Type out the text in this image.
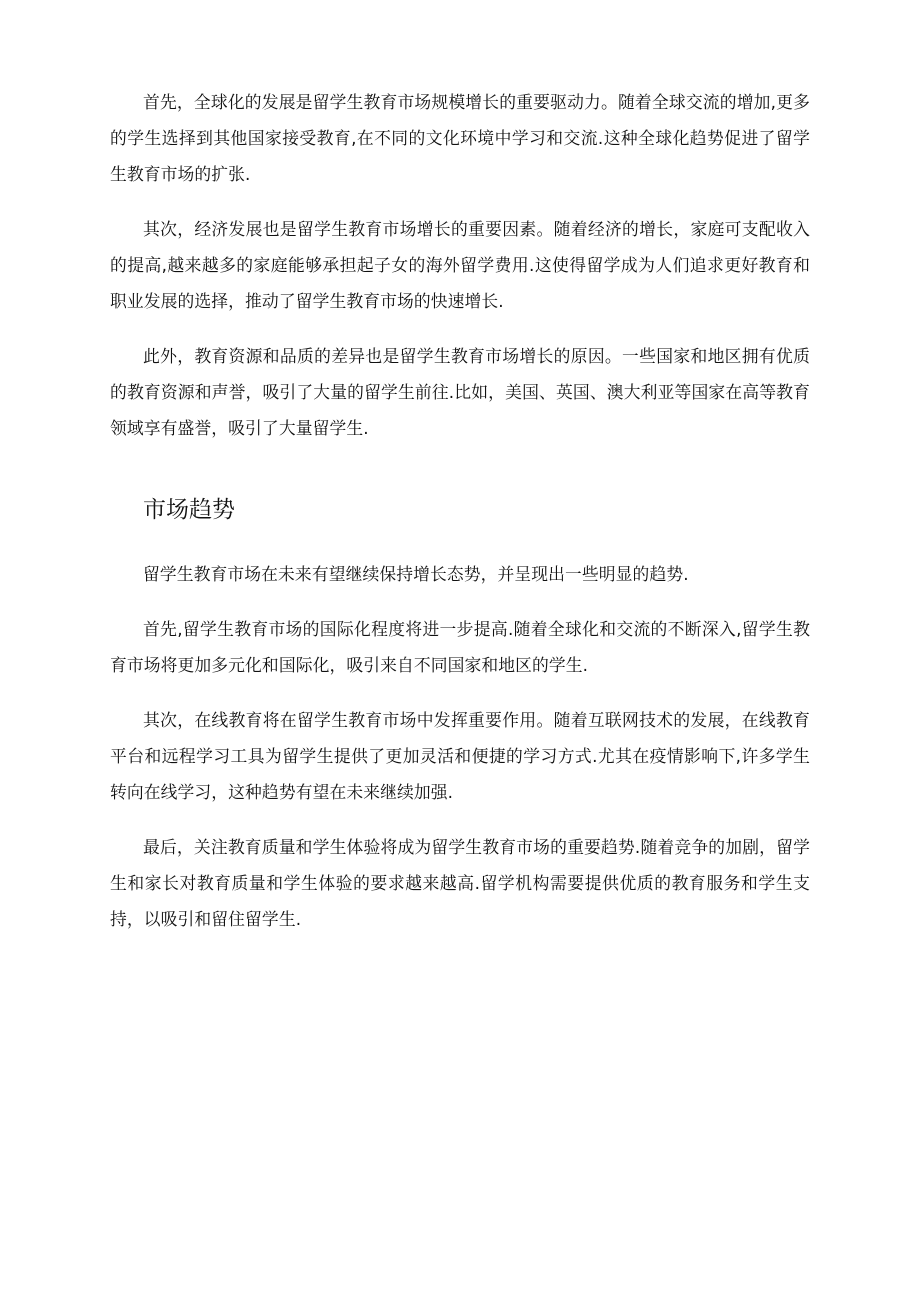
首先，全球化的发展是留学生教育市场规模增长的重要驱动力。随着全球交流的增加,更多的学生选择到其他国家接受教育,在不同的文化环境中学习和交流.这种全球化趋势促进了留学生教育市场的扩张.

其次，经济发展也是留学生教育市场增长的重要因素。随着经济的增长，家庭可支配收入的提高,越来越多的家庭能够承担起子女的海外留学费用.这使得留学成为人们追求更好教育和职业发展的选择，推动了留学生教育市场的快速增长.

此外，教育资源和品质的差异也是留学生教育市场增长的原因。一些国家和地区拥有优质的教育资源和声誉，吸引了大量的留学生前往.比如，美国、英国、澳大利亚等国家在高等教育领域享有盛誉，吸引了大量留学生.

市场趋势

留学生教育市场在未来有望继续保持增长态势，并呈现出一些明显的趋势.

首先,留学生教育市场的国际化程度将进一步提高.随着全球化和交流的不断深入,留学生教育市场将更加多元化和国际化，吸引来自不同国家和地区的学生.

其次，在线教育将在留学生教育市场中发挥重要作用。随着互联网技术的发展，在线教育平台和远程学习工具为留学生提供了更加灵活和便捷的学习方式.尤其在疫情影响下,许多学生转向在线学习，这种趋势有望在未来继续加强.

最后，关注教育质量和学生体验将成为留学生教育市场的重要趋势.随着竞争的加剧，留学生和家长对教育质量和学生体验的要求越来越高.留学机构需要提供优质的教育服务和学生支持，以吸引和留住留学生.
